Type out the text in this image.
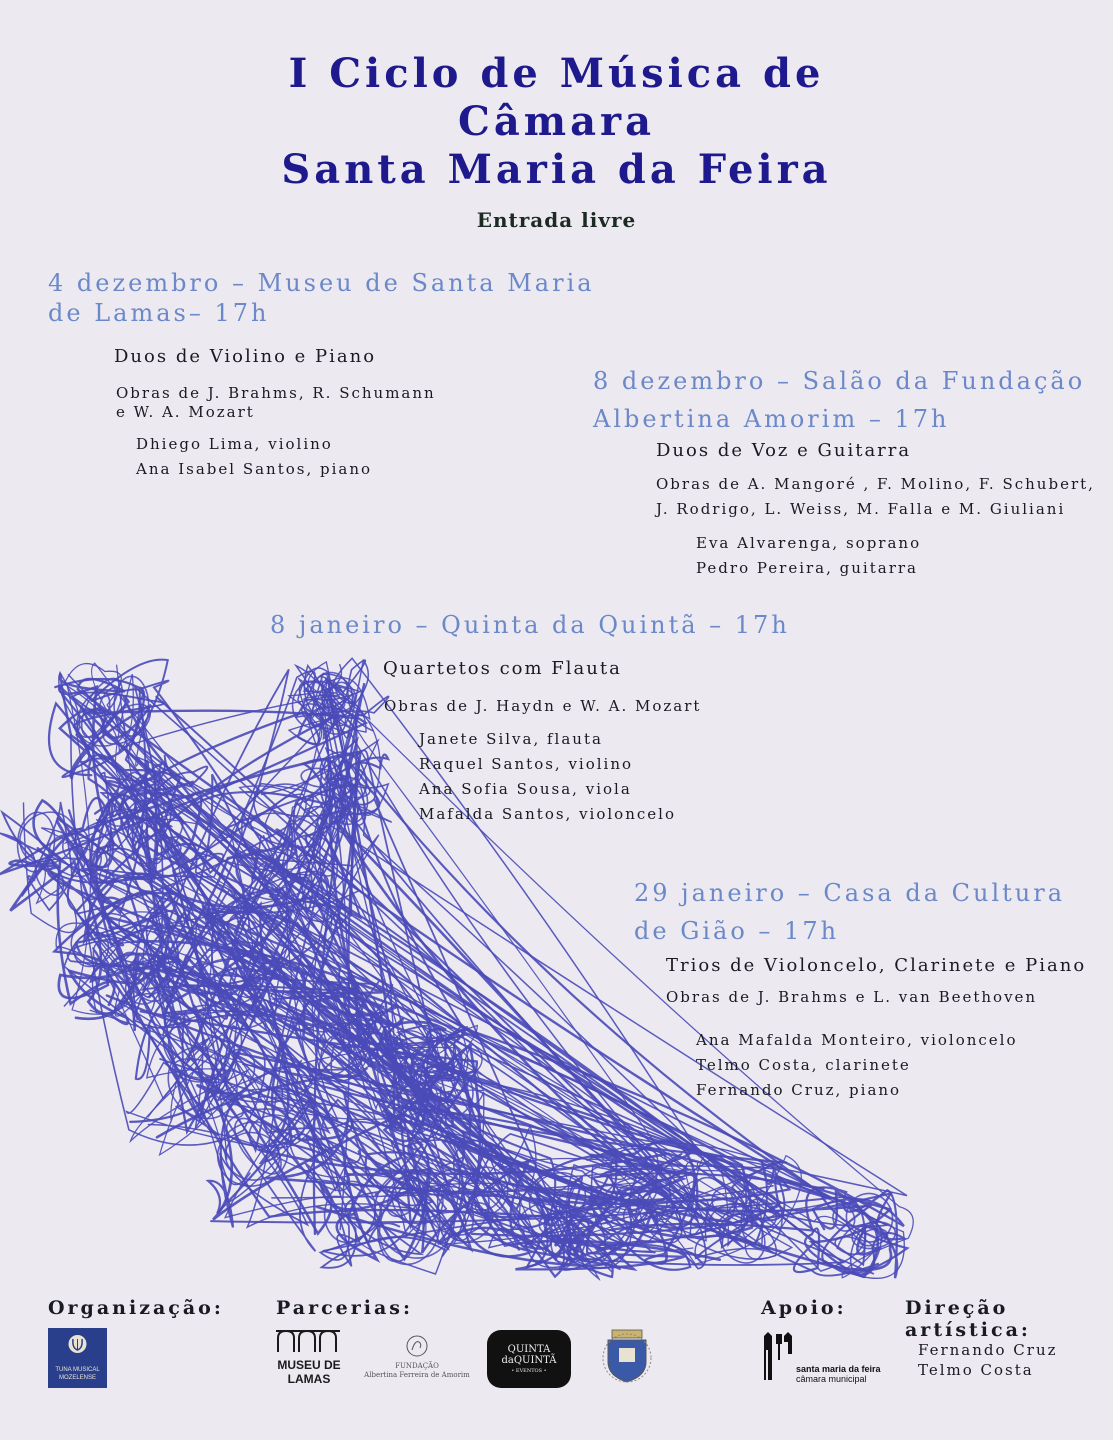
I Ciclo de Música de
Câmara
Santa Maria da Feira
Entrada livre
4 dezembro – Museu de Santa Maria
de Lamas– 17h
Duos de Violino e Piano
Obras de J. Brahms, R. Schumann
e W. A. Mozart
Dhiego Lima, violino
Ana Isabel Santos, piano
8 dezembro – Salão da Fundação
Albertina Amorim – 17h
Duos de Voz e Guitarra
Obras de A. Mangoré , F. Molino, F. Schubert,
J. Rodrigo, L. Weiss, M. Falla e M. Giuliani
Eva Alvarenga, soprano
Pedro Pereira, guitarra
8 janeiro – Quinta da Quintã – 17h
Quartetos com Flauta
Obras de J. Haydn e W. A. Mozart
Janete Silva, flauta
Raquel Santos, violino
Ana Sofia Sousa, viola
Mafalda Santos, violoncelo
29 janeiro – Casa da Cultura
de Gião – 17h
Trios de Violoncelo, Clarinete e Piano
Obras de J. Brahms e L. van Beethoven
Ana Mafalda Monteiro, violoncelo
Telmo Costa, clarinete
Fernando Cruz, piano
Organização:	Parcerias:	Apoio:	Direção artística:
Fernando Cruz
Telmo Costa
TUNA MUSICAL
MOZELENSE
MUSEU DE
LAMAS
FUNDAÇÃO
Albertina Ferreira de Amorim
QUINTA
daQUINTÃ
• EVENTOS •	santa maria da feira
câmara municipal
